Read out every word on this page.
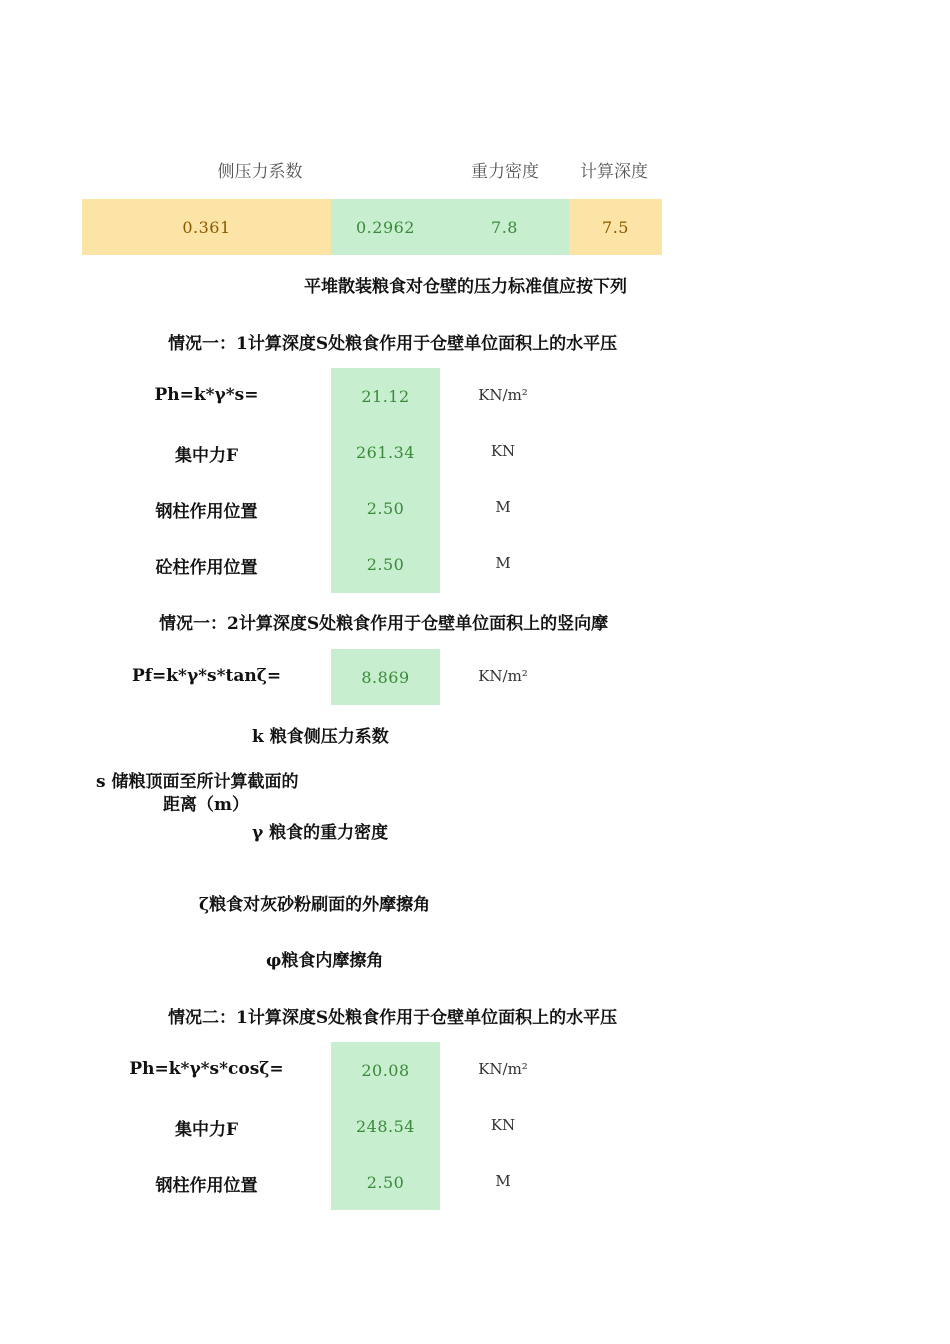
侧压力系数	重力密度	计算深度
0.361	0.2962	7.8	7.5
平堆散装粮食对仓壁的压力标准值应按下列
情况一：1计算深度S处粮食作用于仓壁单位面积上的水平压
Ph=k*γ*s=	21.12	KN/m²
集中力F	261.34	KN
钢柱作用位置	2.50	M
砼柱作用位置	2.50	M
情况一：2计算深度S处粮食作用于仓壁单位面积上的竖向摩
Pf=k*γ*s*tanζ=	8.869	KN/m²
k 粮食侧压力系数
s 储粮顶面至所计算截面的
距离（m）
γ 粮食的重力密度
ζ粮食对灰砂粉刷面的外摩擦角
φ粮食内摩擦角
情况二：1计算深度S处粮食作用于仓壁单位面积上的水平压
Ph=k*γ*s*cosζ=	20.08	KN/m²
集中力F	248.54	KN
钢柱作用位置	2.50	M
